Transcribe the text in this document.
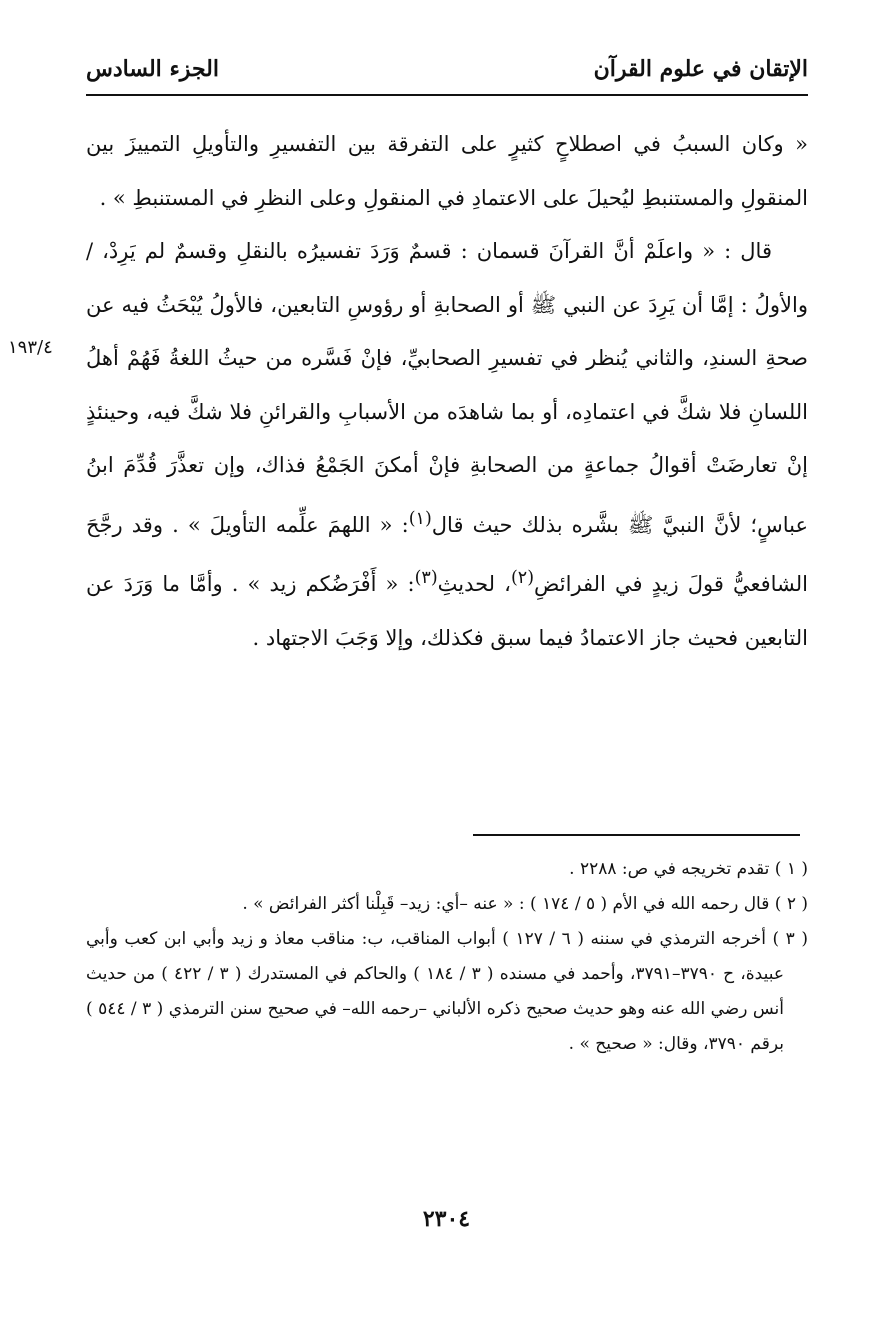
الإتقان في علوم القرآن
الجزء السادس
١٩٣/٤

« وكان السببُ في اصطلاحٍ كثيرٍ على التفرقة بين التفسيرِ والتأويلِ التمييزَ بين المنقولِ والمستنبطِ ليُحيلَ على الاعتمادِ في المنقولِ وعلى النظرِ في المستنبطِ » .

قال : « واعلَمْ أنَّ القرآنَ قسمان : قسمٌ وَرَدَ تفسيرُه بالنقلِ وقسمٌ لم يَرِدْ، /والأولُ : إمَّا أن يَرِدَ عن النبي ﷺ أو الصحابةِ أو رؤوسِ التابعين، فالأولُ يُبْحَثُ فيه عن صحةِ السندِ، والثاني يُنظر في تفسيرِ الصحابيِّ، فإنْ فَسَّره من حيثُ اللغةُ فَهُمْ أهلُ اللسانِ فلا شكَّ في اعتمادِه، أو بما شاهدَه من الأسبابِ والقرائنِ فلا شكَّ فيه، وحينئذٍ إنْ تعارضَتْ أقوالُ جماعةٍ من الصحابةِ فإنْ أمكنَ الجَمْعُ فذاك، وإن تعذَّرَ قُدِّمَ ابنُ عباسٍ؛ لأنَّ النبيَّ ﷺ بشَّره بذلك حيث قال$^{(١)}$: « اللهمَ علِّمه التأويلَ » . وقد رجَّحَ الشافعيُّ قولَ زيدٍ في الفرائضِ$^{(٢)}$، لحديثِ$^{(٣)}$: « أَفْرَضُكم زيد » . وأمَّا ما وَرَدَ عن التابعين فحيث جاز الاعتمادُ فيما سبق فكذلك، وإلا وَجَبَ الاجتهاد .

( ١ ) تقدم تخريجه في ص: ٢٢٨٨ .

( ٢ ) قال رحمه الله في الأم ( ٥ / ١٧٤ ) : « عنه –أي: زيد– قَبِلْنا أكثر الفرائض » .

( ٣ ) أخرجه الترمذي في سننه ( ٦ / ١٢٧ ) أبواب المناقب، ب: مناقب معاذ و زيد وأبي ابن كعب وأبي عبيدة، ح ٣٧٩٠–٣٧٩١، وأحمد في مسنده ( ٣ / ١٨٤ ) والحاكم في المستدرك ( ٣ / ٤٢٢ ) من حديث أنس رضي الله عنه وهو حديث صحيح ذكره الألباني –رحمه الله– في صحيح سنن الترمذي ( ٣ / ٥٤٤ ) برقم ٣٧٩٠، وقال: « صحيح » .

٢٣٠٤
